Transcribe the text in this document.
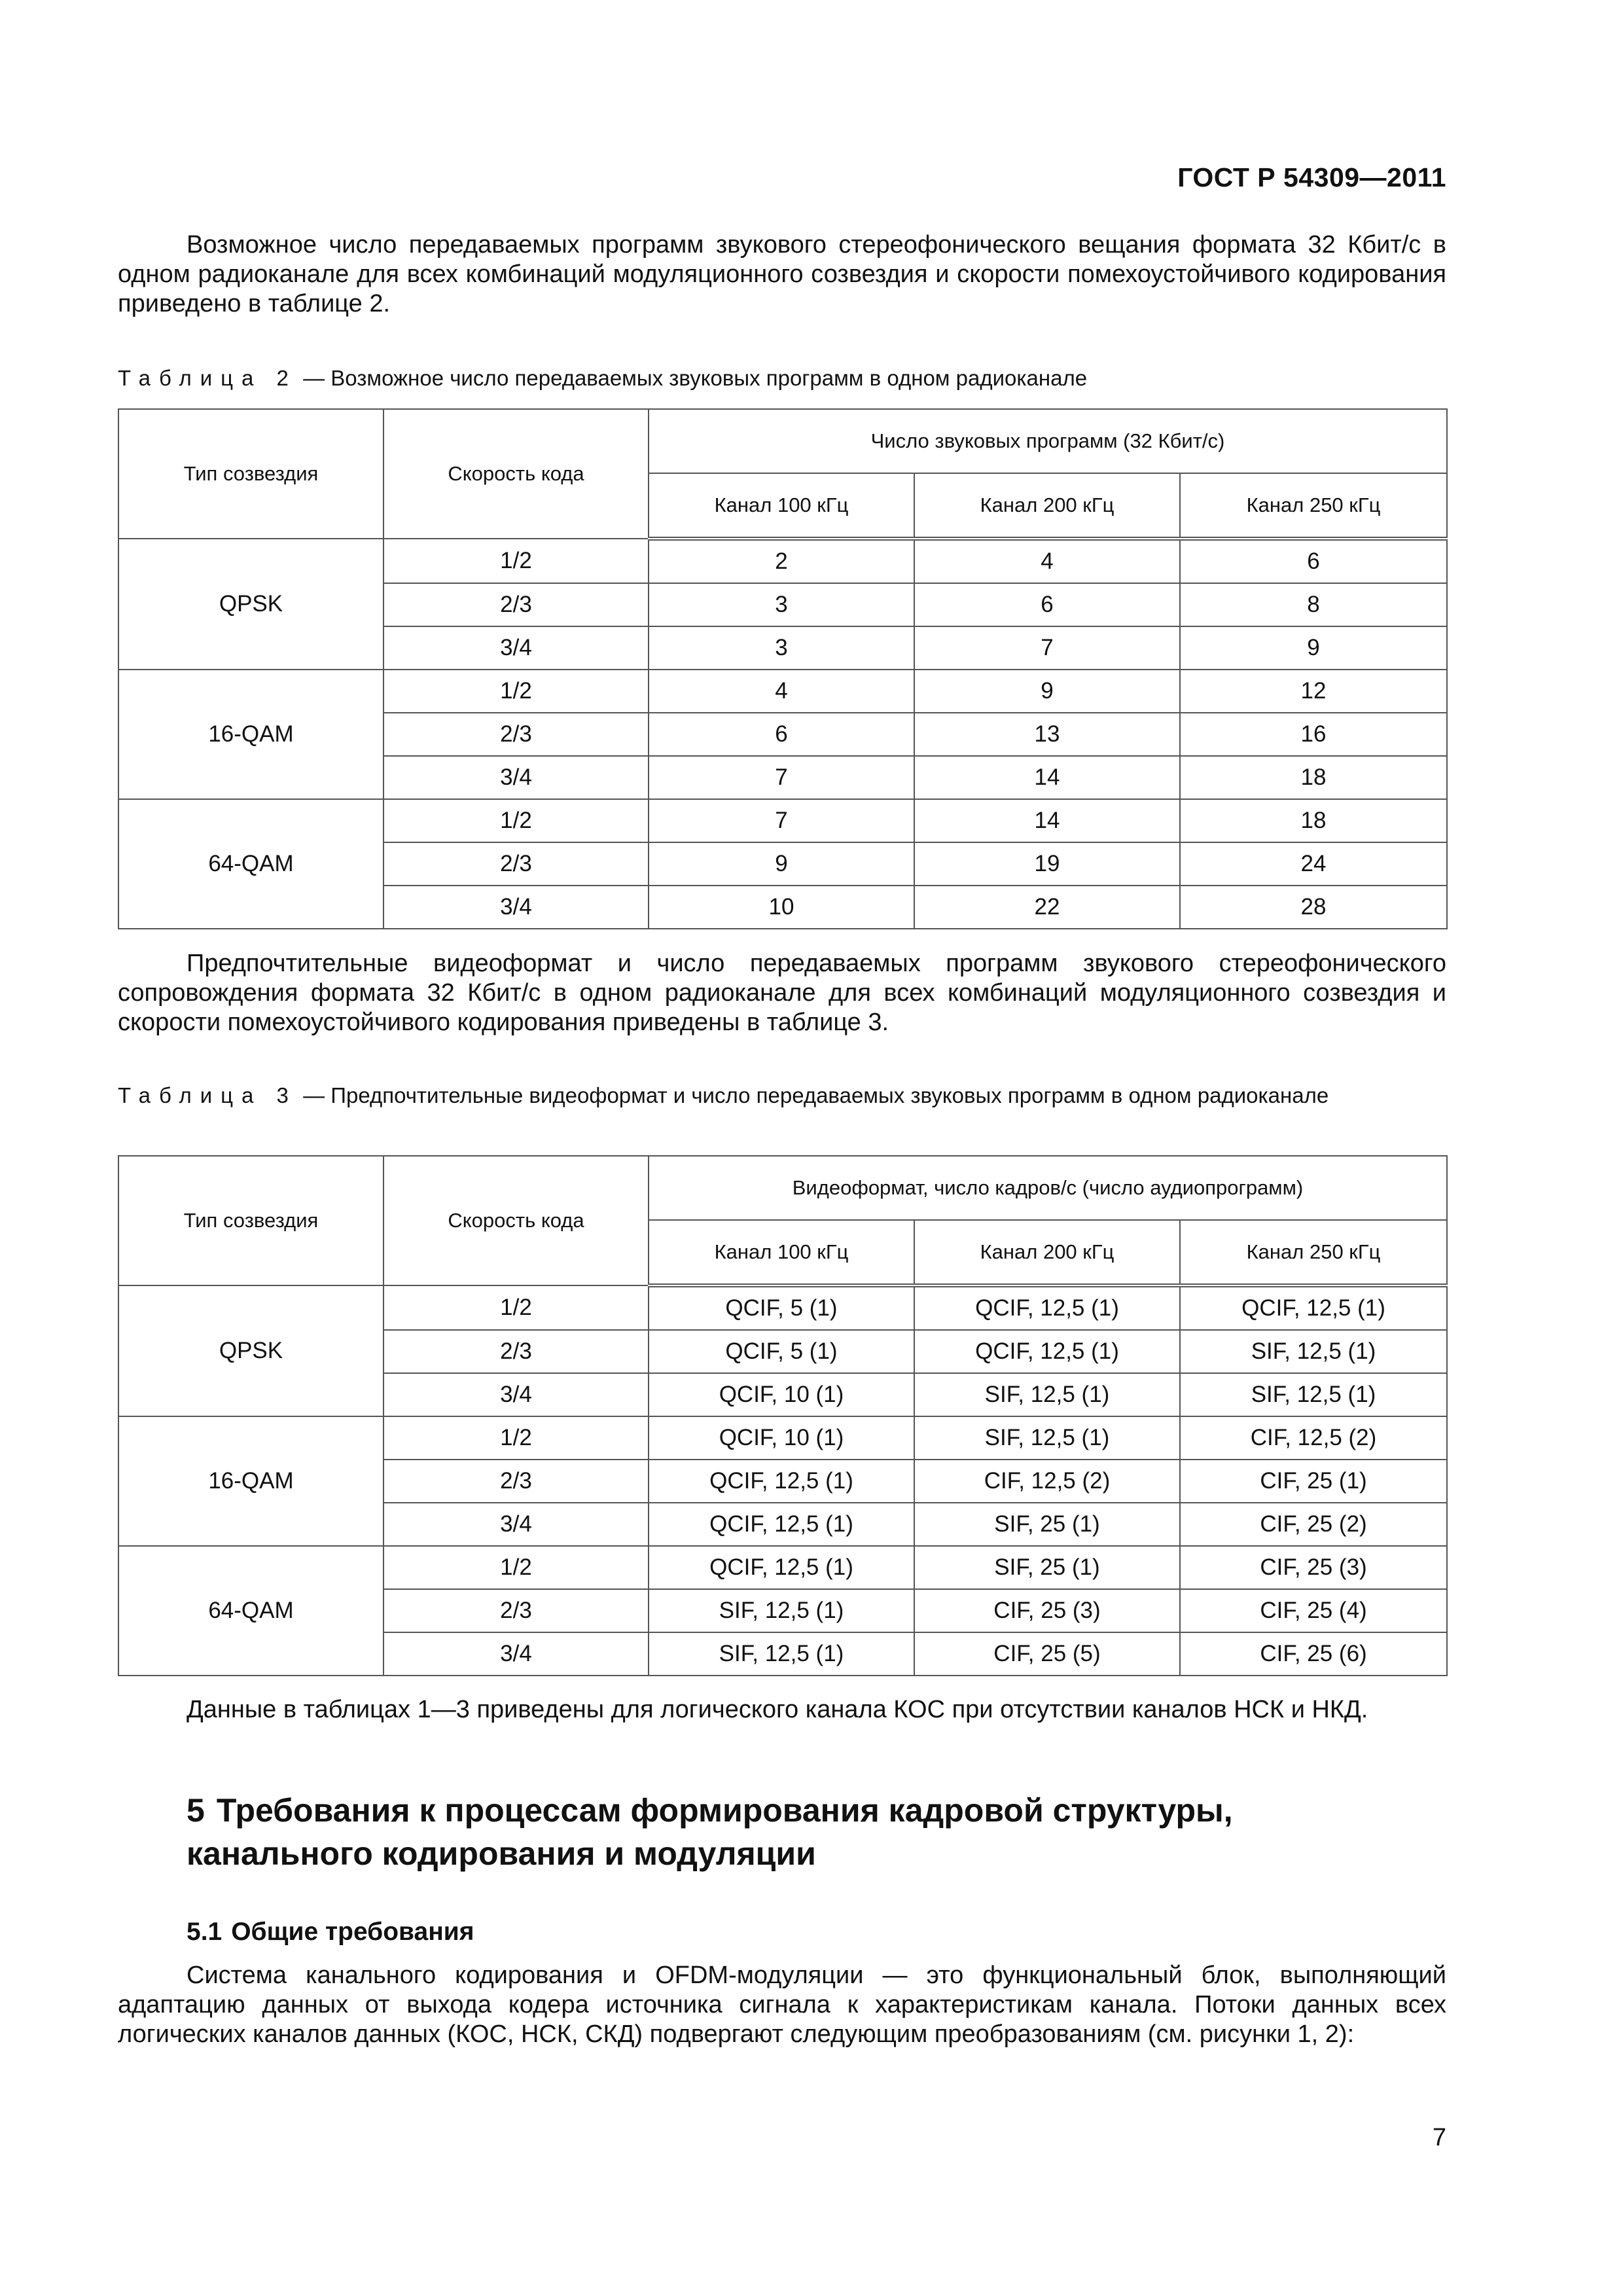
ГОСТ Р 54309—2011

Возможное число передаваемых программ звукового стереофонического вещания формата 32 Кбит/с в одном радиоканале для всех комбинаций модуляционного созвездия и скорости помехоустойчивого кодирования приведено в таблице 2.

Таблица 2 — Возможное число передаваемых звуковых программ в одном радиоканале

Тип созвездия	Скорость кода	Число звуковых программ (32 Кбит/с)		
		Канал 100 кГц	Канал 200 кГц	Канал 250 кГц
QPSK	1/2	2	4	6
	2/3	3	6	8
	3/4	3	7	9
16-QAM	1/2	4	9	12
	2/3	6	13	16
	3/4	7	14	18
64-QAM	1/2	7	14	18
	2/3	9	19	24
	3/4	10	22	28

Предпочтительные видеоформат и число передаваемых программ звукового стереофонического сопровождения формата 32 Кбит/с в одном радиоканале для всех комбинаций модуляционного созвездия и скорости помехоустойчивого кодирования приведены в таблице 3.

Таблица 3 — Предпочтительные видеоформат и число передаваемых звуковых программ в одном радиоканале

Тип созвездия	Скорость кода	Видеоформат, число кадров/с (число аудиопрограмм)		
		Канал 100 кГц	Канал 200 кГц	Канал 250 кГц
QPSK	1/2	QCIF, 5 (1)	QCIF, 12,5 (1)	QCIF, 12,5 (1)
	2/3	QCIF, 5 (1)	QCIF, 12,5 (1)	SIF, 12,5 (1)
	3/4	QCIF, 10 (1)	SIF, 12,5 (1)	SIF, 12,5 (1)
16-QAM	1/2	QCIF, 10 (1)	SIF, 12,5 (1)	CIF, 12,5 (2)
	2/3	QCIF, 12,5 (1)	CIF, 12,5 (2)	CIF, 25 (1)
	3/4	QCIF, 12,5 (1)	SIF, 25 (1)	CIF, 25 (2)
64-QAM	1/2	QCIF, 12,5 (1)	SIF, 25 (1)	CIF, 25 (3)
	2/3	SIF, 12,5 (1)	CIF, 25 (3)	CIF, 25 (4)
	3/4	SIF, 12,5 (1)	CIF, 25 (5)	CIF, 25 (6)

Данные в таблицах 1—3 приведены для логического канала КОС при отсутствии каналов НСК и НКД.

5 Требования к процессам формирования кадровой структуры,
канального кодирования и модуляции
5.1 Общие требования

Система канального кодирования и OFDM-модуляции — это функциональный блок, выполняющий адаптацию данных от выхода кодера источника сигнала к характеристикам канала. Потоки данных всех логических каналов данных (КОС, НСК, СКД) подвергают следующим преобразованиям (см. рисунки 1, 2):

7
